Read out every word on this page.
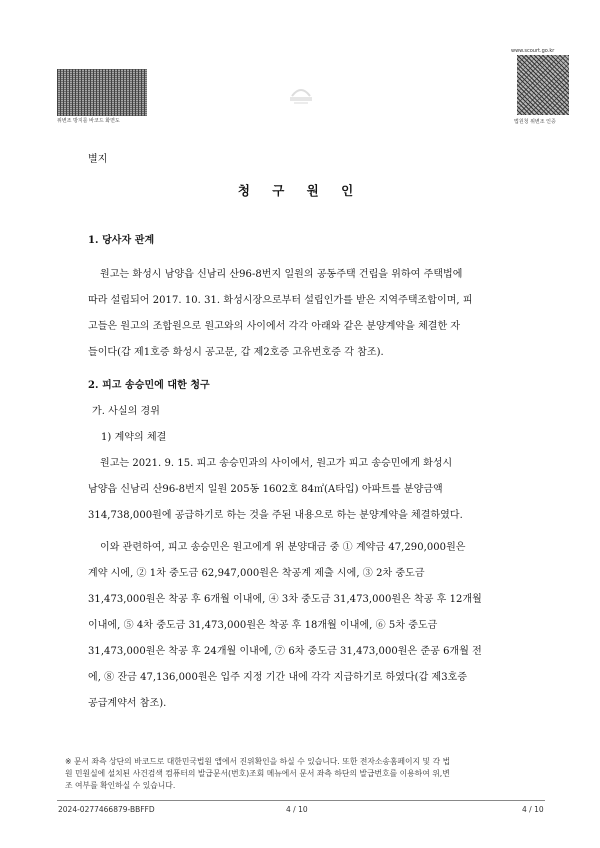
위변조 방지를 바코드 화면도
www.scourt.go.kr
법원청 위변조 인증
별지
청 구 원 인
1. 당사자 관계
원고는 화성시 남양읍 신남리 산96-8번지 일원의 공동주택 건립을 위하여 주택법에
따라 설립되어 2017. 10. 31. 화성시장으로부터 설립인가를 받은 지역주택조합이며, 피
고들은 원고의 조합원으로 원고와의 사이에서 각각 아래와 같은 분양계약을 체결한 자
들이다(갑 제1호증 화성시 공고문, 갑 제2호증 고유번호증 각 참조).
2. 피고 송승민에 대한 청구
가. 사실의 경위
1) 계약의 체결
원고는 2021. 9. 15. 피고 송승민과의 사이에서, 원고가 피고 송승민에게 화성시
남양읍 신남리 산96-8번지 일원 205동 1602호 84㎡(A타입) 아파트를 분양금액
314,738,000원에 공급하기로 하는 것을 주된 내용으로 하는 분양계약을 체결하였다.
이와 관련하여, 피고 송승민은 원고에게 위 분양대금 중 ① 계약금 47,290,000원은
계약 시에, ② 1차 중도금 62,947,000원은 착공계 제출 시에, ③ 2차 중도금
31,473,000원은 착공 후 6개월 이내에, ④ 3차 중도금 31,473,000원은 착공 후 12개월
이내에, ⑤ 4차 중도금 31,473,000원은 착공 후 18개월 이내에, ⑥ 5차 중도금
31,473,000원은 착공 후 24개월 이내에, ⑦ 6차 중도금 31,473,000원은 준공 6개월 전
에, ⑧ 잔금 47,136,000원은 입주 지정 기간 내에 각각 지급하기로 하였다(갑 제3호증
공급계약서 참조).
※ 문서 좌측 상단의 바코드로 대한민국법원 앱에서 진위확인을 하실 수 있습니다. 또한 전자소송홈페이지 및 각 법
원 민원실에 설치된 사건검색 컴퓨터의 발급문서(번호)조회 메뉴에서 문서 좌측 하단의 발급번호를 이용하여 위,변
조 여부를 확인하실 수 있습니다.
2024-0277466879-BBFFD	4 / 10	4 / 10
